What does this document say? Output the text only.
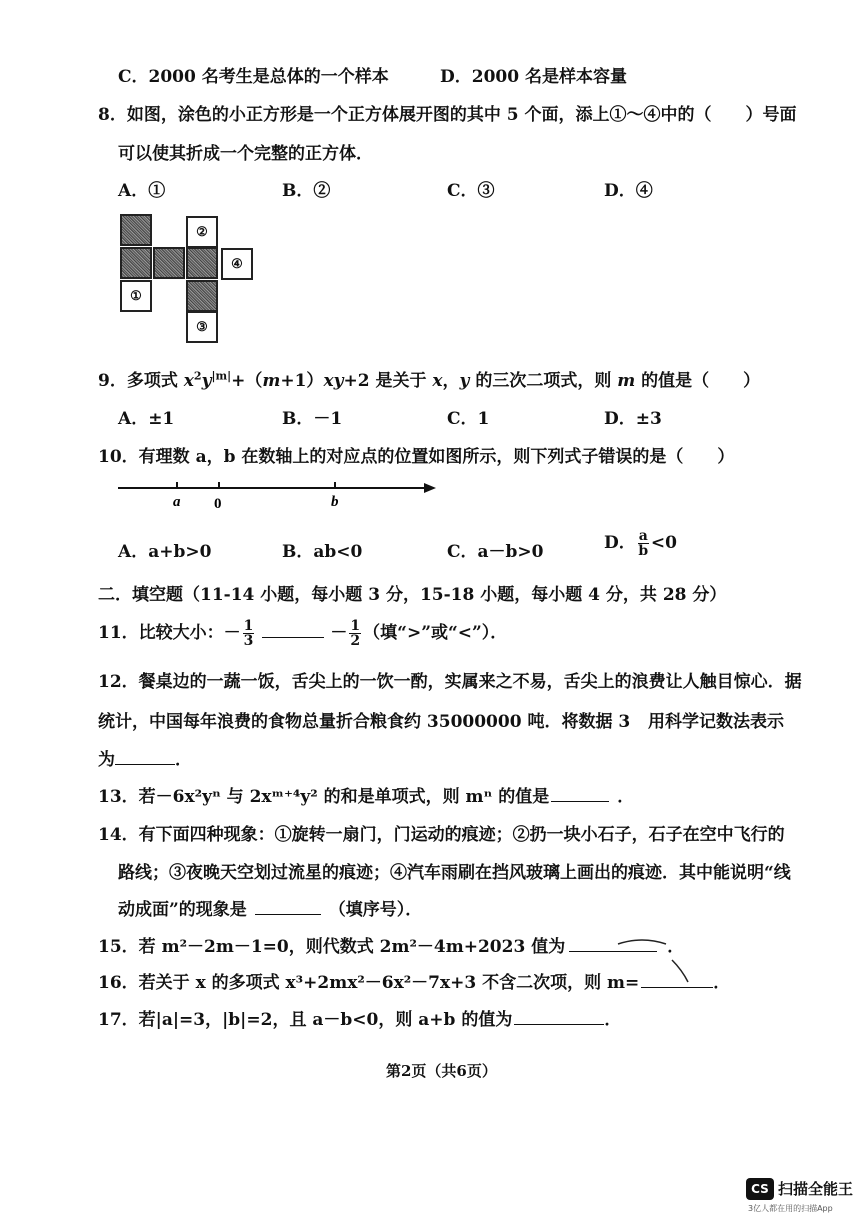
C．2000 名考生是总体的一个样本	D．2000 名是样本容量
8．如图，涂色的小正方形是一个正方体展开图的其中 5 个面，添上①～④中的（　　）号面
可以使其折成一个完整的正方体．
A．①	B．②	C．③	D．④
②
④
①
③
9．多项式 $x^2y^{|m|}+(m+1)xy+2$ 是关于 x，y 的三次二项式，则 m 的值是（　　）
A．±1	B．－1	C．1	D．±3
10．有理数 a，b 在数轴上的对应点的位置如图所示，则下列式子错误的是（　　）
a 0	b
A．a+b>0	B．ab<0	C．a－b>0	D． $\frac{a}{b} <0$
二．填空题（11-14 小题，每小题 3 分，15-18 小题，每小题 4 分，共 28 分）
11．比较大小：－ $\frac{1}{3}$	－ $\frac{1}{2}$ （填“>”或“<”）．
12．餐桌边的一蔬一饭，舌尖上的一饮一酌，实属来之不易，舌尖上的浪费让人触目惊心．据
统计，中国每年浪费的食物总量折合粮食约 35000000 吨．将数据 3 用科学记数法表示
为	．
13．若－6x²yⁿ 与 2xᵐ⁺⁴y² 的和是单项式，则 mⁿ 的值是	．
14．有下面四种现象：①旋转一扇门，门运动的痕迹；②扔一块小石子，石子在空中飞行的
路线；③夜晚天空划过流星的痕迹；④汽车雨刷在挡风玻璃上画出的痕迹．其中能说明“线
动成面”的现象是	（填序号）．
15．若 m²－2m－1=0，则代数式 2m²－4m+2023 值为	．
16．若关于 x 的多项式 x³+2mx²－6x²－7x+3 不含二次项，则 m=	．
17．若|a|=3，|b|=2，且 a－b<0，则 a+b 的值为	．
第2页（共6页）
CS 扫描全能王
3亿人都在用的扫描App
